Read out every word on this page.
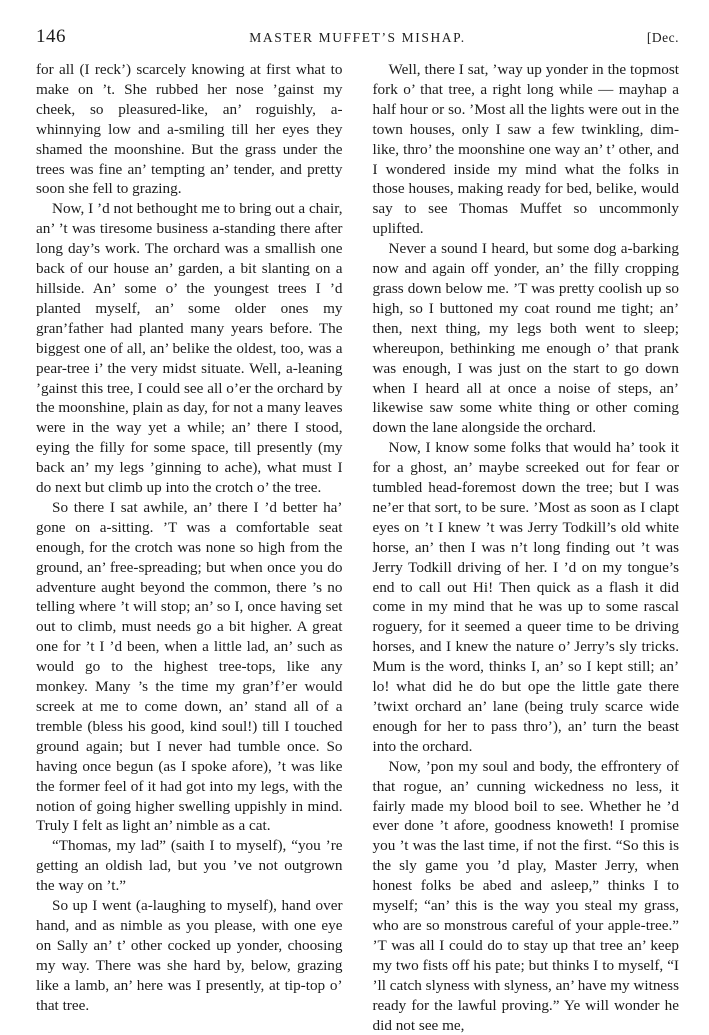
146	MASTER MUFFET’S MISHAP.	[Dec.

for all (I reck’) scarcely knowing at first what to make on ’t. She rubbed her nose ’gainst my cheek, so pleasured-like, an’ roguishly, a-whinnying low and a-smiling till her eyes they shamed the moonshine. But the grass under the trees was fine an’ tempting an’ tender, and pretty soon she fell to grazing.

Now, I ’d not bethought me to bring out a chair, an’ ’t was tiresome business a-standing there after long day’s work. The orchard was a smallish one back of our house an’ garden, a bit slanting on a hillside. An’ some o’ the youngest trees I ’d planted myself, an’ some older ones my gran’father had planted many years before. The biggest one of all, an’ belike the oldest, too, was a pear-tree i’ the very midst situate. Well, a-leaning ’gainst this tree, I could see all o’er the orchard by the moonshine, plain as day, for not a many leaves were in the way yet a while; an’ there I stood, eying the filly for some space, till presently (my back an’ my legs ’ginning to ache), what must I do next but climb up into the crotch o’ the tree.

So there I sat awhile, an’ there I ’d better ha’ gone on a-sitting. ’T was a comfortable seat enough, for the crotch was none so high from the ground, an’ free-spreading; but when once you do adventure aught beyond the common, there ’s no telling where ’t will stop; an’ so I, once having set out to climb, must needs go a bit higher. A great one for ’t I ’d been, when a little lad, an’ such as would go to the highest tree-tops, like any monkey. Many ’s the time my gran’f’er would screek at me to come down, an’ stand all of a tremble (bless his good, kind soul!) till I touched ground again; but I never had tumble once. So having once begun (as I spoke afore), ’t was like the former feel of it had got into my legs, with the notion of going higher swelling uppishly in mind. Truly I felt as light an’ nimble as a cat.

“Thomas, my lad” (saith I to myself), “you ’re getting an oldish lad, but you ’ve not outgrown the way on ’t.”

So up I went (a-laughing to myself), hand over hand, and as nimble as you please, with one eye on Sally an’ t’ other cocked up yonder, choosing my way. There was she hard by, below, grazing like a lamb, an’ here was I presently, at tip-top o’ that tree.

Well, there I sat, ’way up yonder in the topmost fork o’ that tree, a right long while — mayhap a half hour or so. ’Most all the lights were out in the town houses, only I saw a few twinkling, dim-like, thro’ the moonshine one way an’ t’ other, and I wondered inside my mind what the folks in those houses, making ready for bed, belike, would say to see Thomas Muffet so uncommonly uplifted.

Never a sound I heard, but some dog a-barking now and again off yonder, an’ the filly cropping grass down below me. ’T was pretty coolish up so high, so I buttoned my coat round me tight; an’ then, next thing, my legs both went to sleep; whereupon, bethinking me enough o’ that prank was enough, I was just on the start to go down when I heard all at once a noise of steps, an’ likewise saw some white thing or other coming down the lane alongside the orchard.

Now, I know some folks that would ha’ took it for a ghost, an’ maybe screeked out for fear or tumbled head-foremost down the tree; but I was ne’er that sort, to be sure. ’Most as soon as I clapt eyes on ’t I knew ’t was Jerry Todkill’s old white horse, an’ then I was n’t long finding out ’t was Jerry Todkill driving of her. I ’d on my tongue’s end to call out Hi! Then quick as a flash it did come in my mind that he was up to some rascal roguery, for it seemed a queer time to be driving horses, and I knew the nature o’ Jerry’s sly tricks. Mum is the word, thinks I, an’ so I kept still; an’ lo! what did he do but ope the little gate there ’twixt orchard an’ lane (being truly scarce wide enough for her to pass thro’), an’ turn the beast into the orchard.

Now, ’pon my soul and body, the effrontery of that rogue, an’ cunning wickedness no less, it fairly made my blood boil to see. Whether he ’d ever done ’t afore, goodness knoweth! I promise you ’t was the last time, if not the first. “So this is the sly game you ’d play, Master Jerry, when honest folks be abed and asleep,” thinks I to myself; “an’ this is the way you steal my grass, who are so monstrous careful of your apple-tree.” ’T was all I could do to stay up that tree an’ keep my two fists off his pate; but thinks I to myself, “I ’ll catch slyness with slyness, an’ have my witness ready for the lawful proving.” Ye will wonder he did not see me,
